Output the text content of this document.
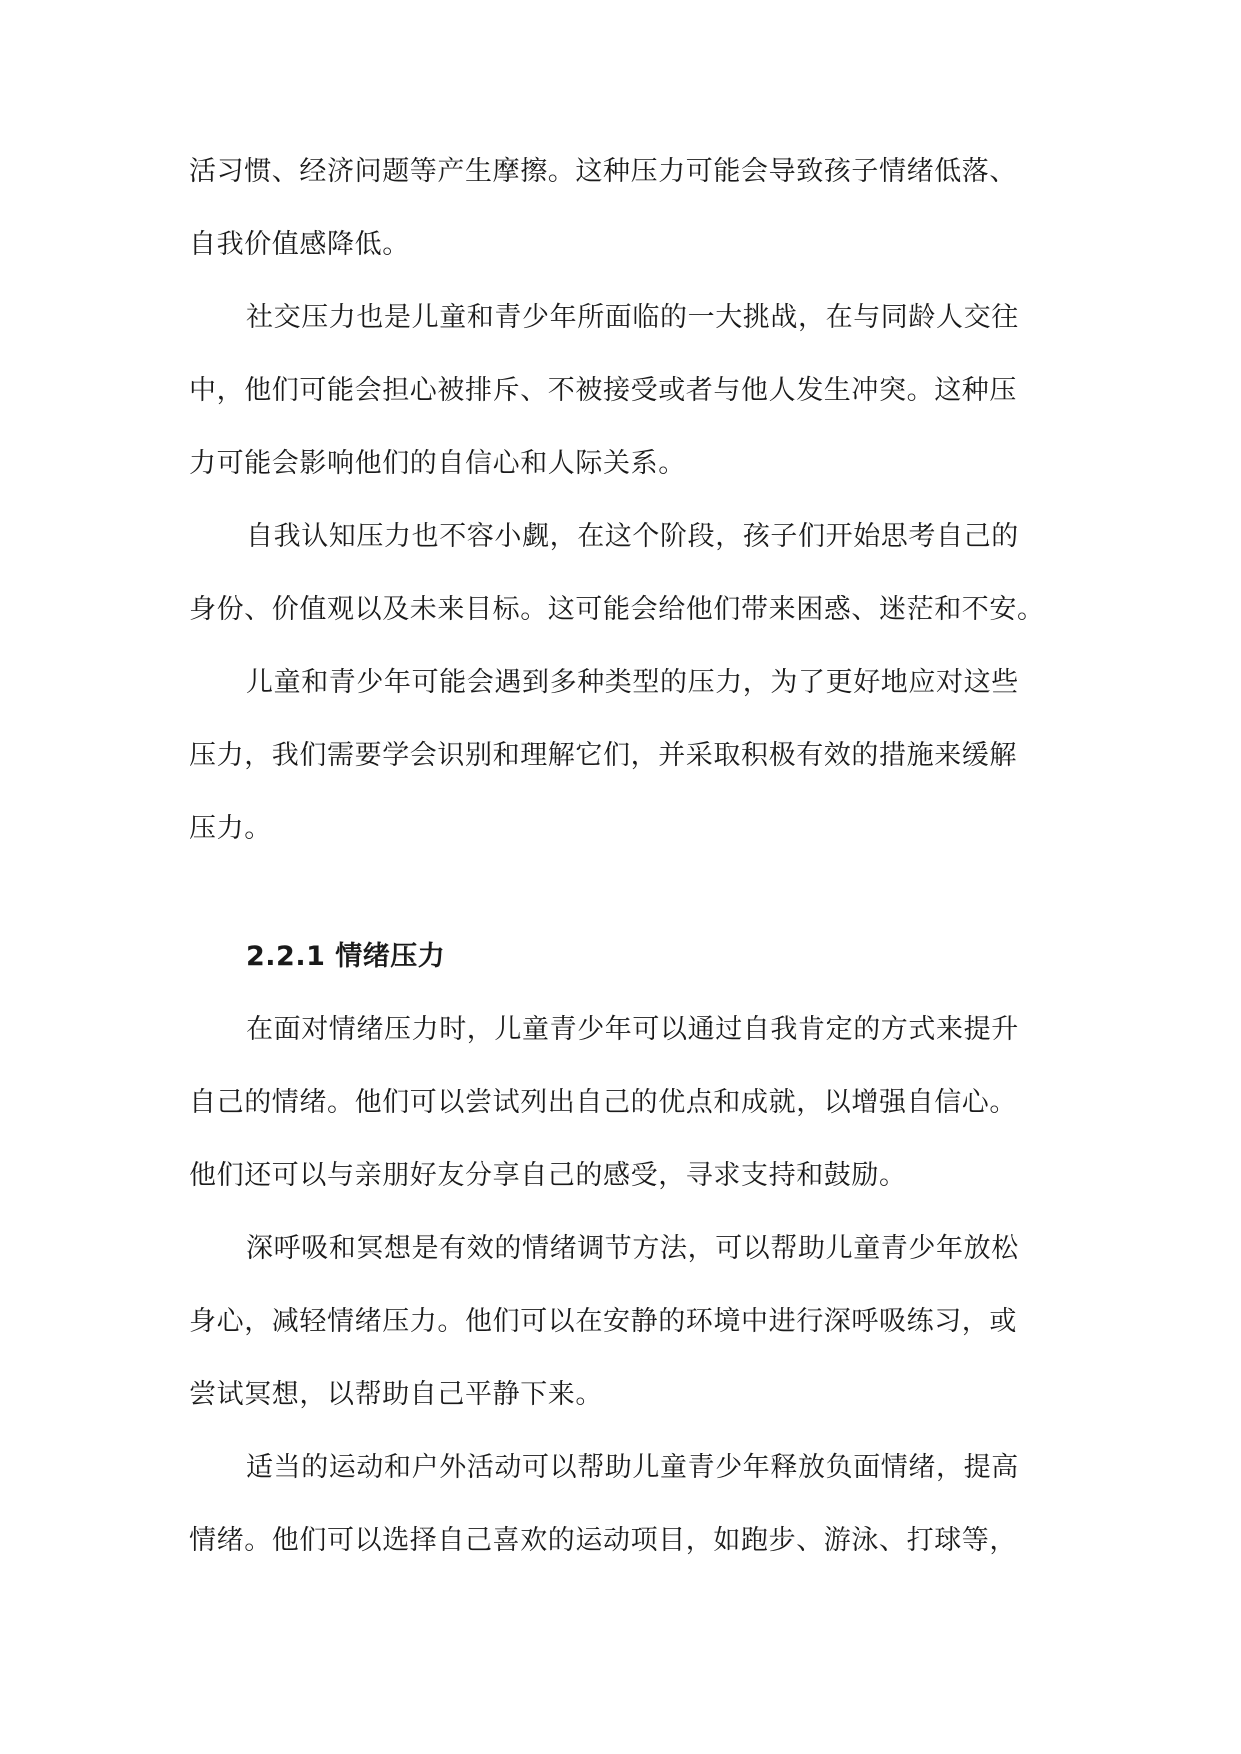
活习惯、经济问题等产生摩擦。这种压力可能会导致孩子情绪低落、
自我价值感降低。
社交压力也是儿童和青少年所面临的一大挑战，在与同龄人交往
中，他们可能会担心被排斥、不被接受或者与他人发生冲突。这种压
力可能会影响他们的自信心和人际关系。
自我认知压力也不容小觑，在这个阶段，孩子们开始思考自己的
身份、价值观以及未来目标。这可能会给他们带来困惑、迷茫和不安。
儿童和青少年可能会遇到多种类型的压力，为了更好地应对这些
压力，我们需要学会识别和理解它们，并采取积极有效的措施来缓解
压力。
2.2.1 情绪压力
在面对情绪压力时，儿童青少年可以通过自我肯定的方式来提升
自己的情绪。他们可以尝试列出自己的优点和成就，以增强自信心。
他们还可以与亲朋好友分享自己的感受，寻求支持和鼓励。
深呼吸和冥想是有效的情绪调节方法，可以帮助儿童青少年放松
身心，减轻情绪压力。他们可以在安静的环境中进行深呼吸练习，或
尝试冥想，以帮助自己平静下来。
适当的运动和户外活动可以帮助儿童青少年释放负面情绪，提高
情绪。他们可以选择自己喜欢的运动项目，如跑步、游泳、打球等，
